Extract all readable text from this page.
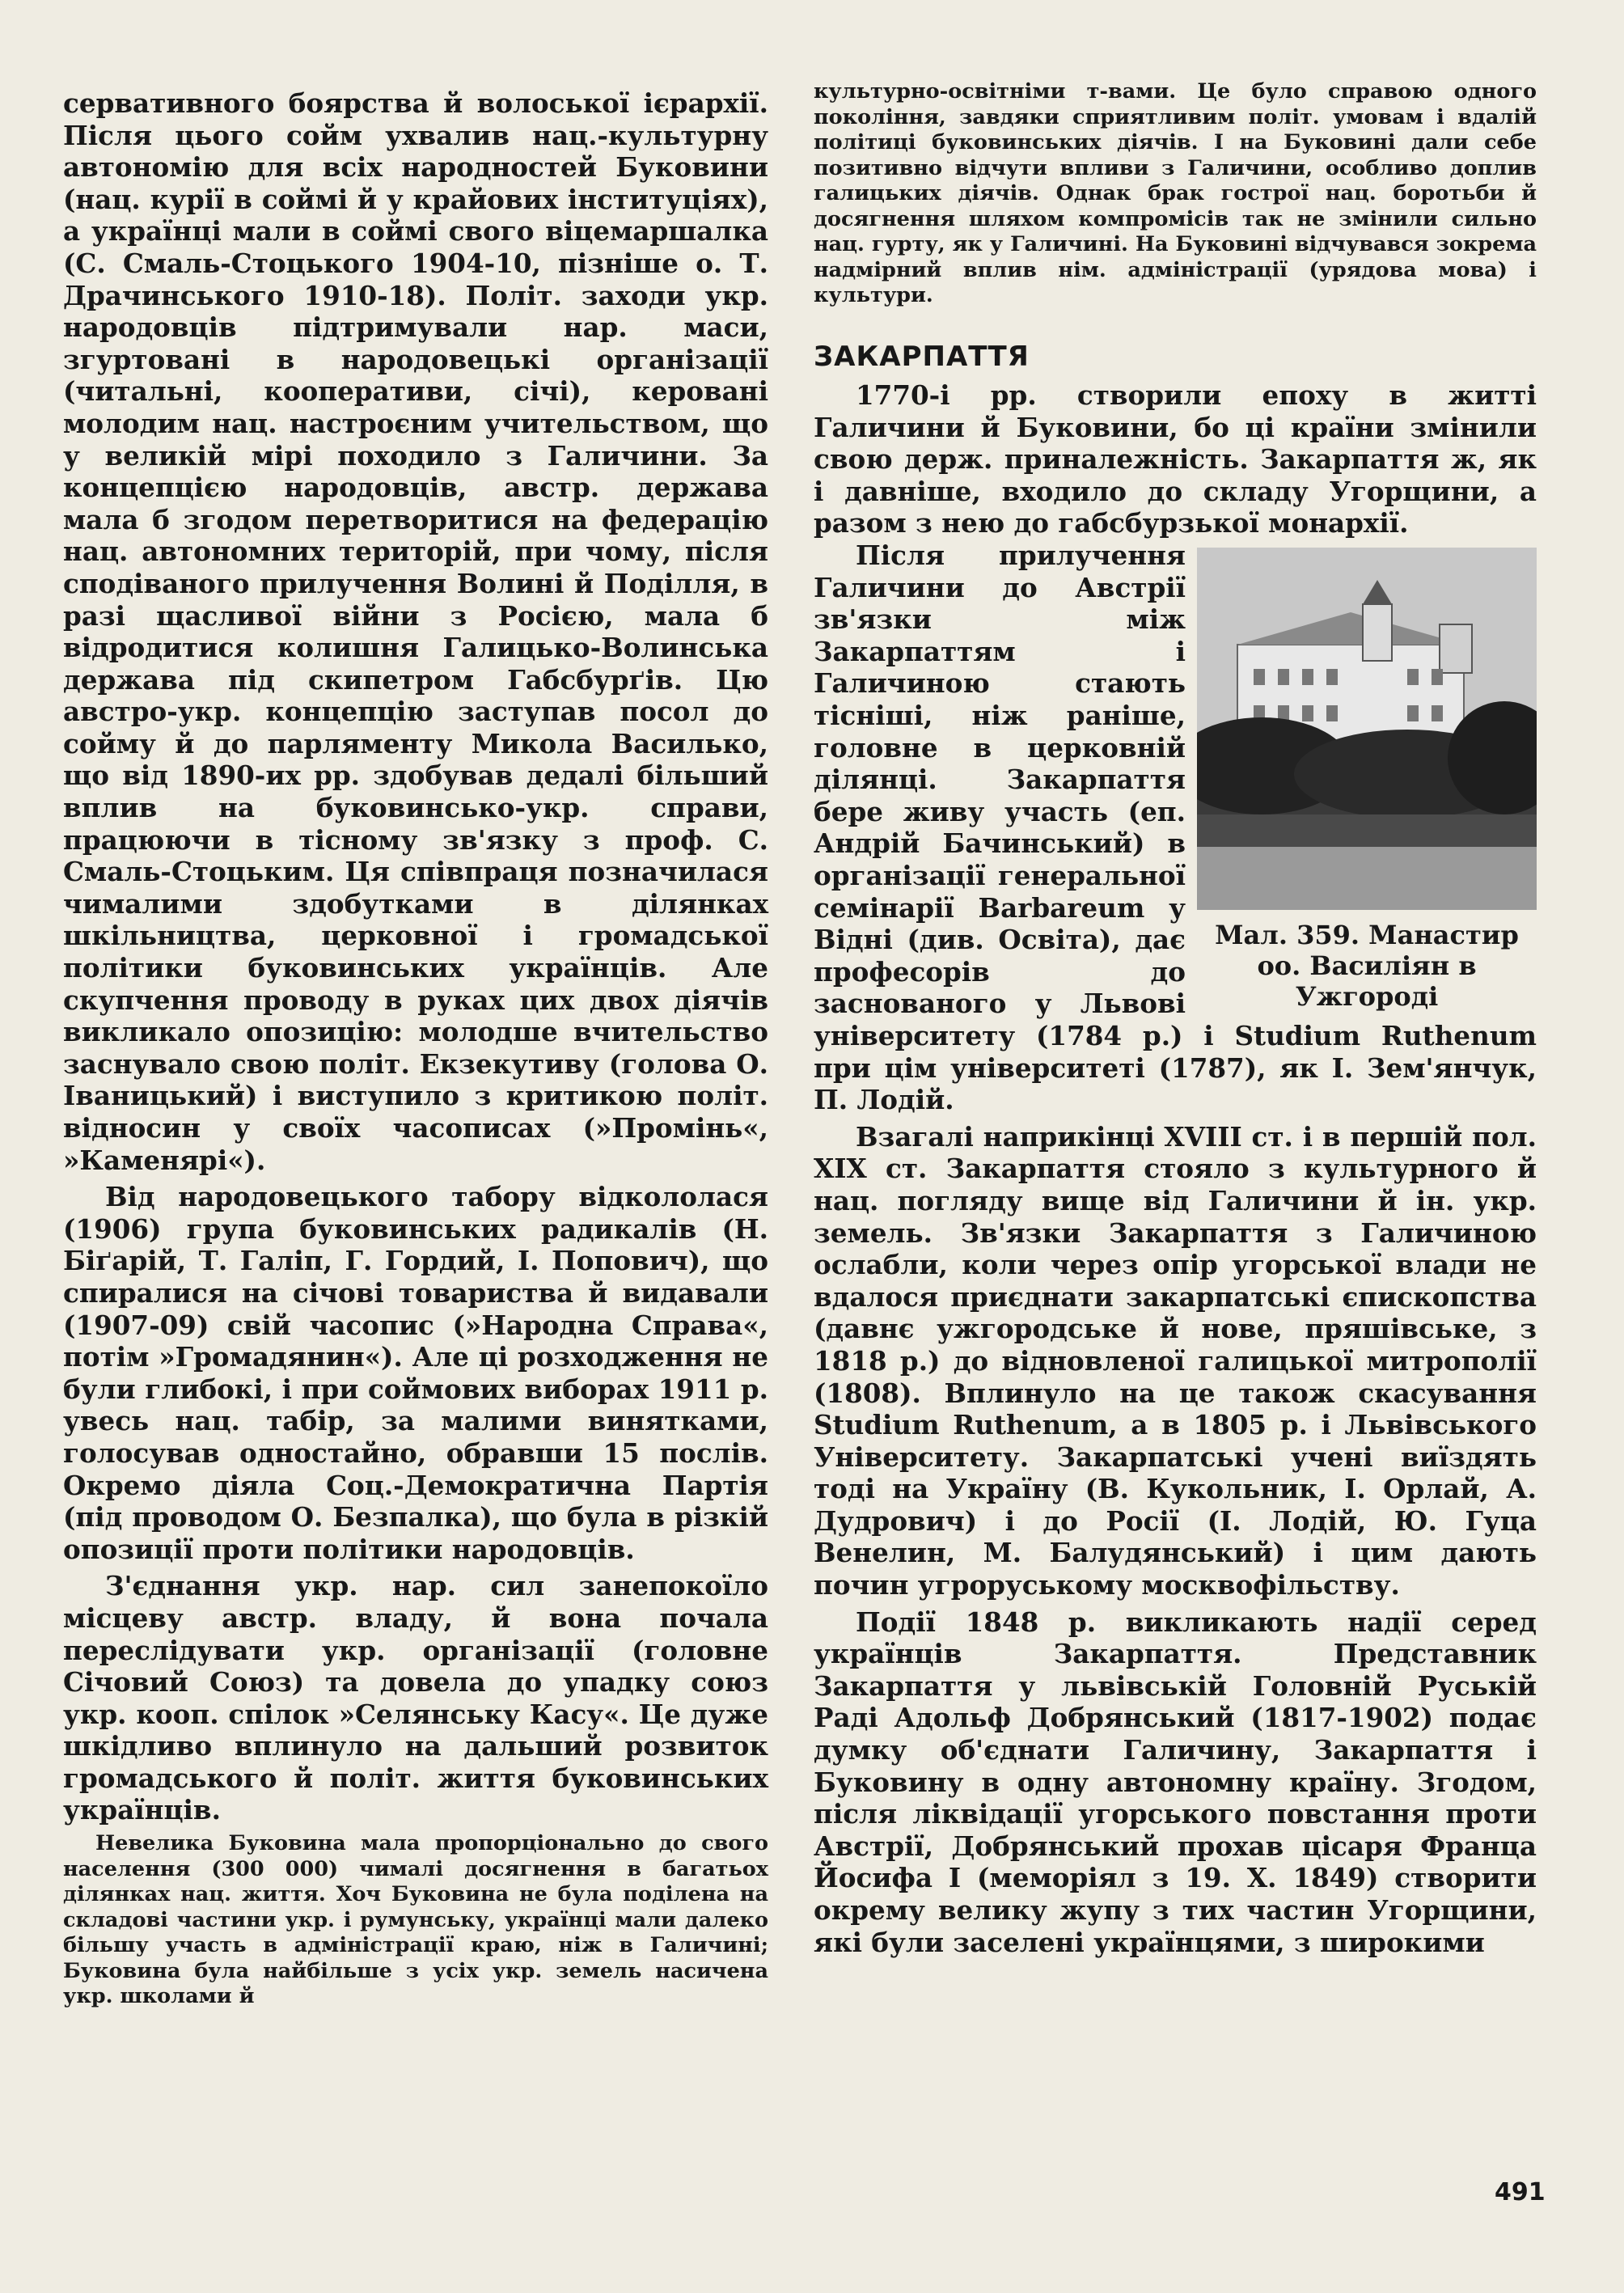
сервативного боярства й волоської ієрархії. Після цього сойм ухвалив нац.-культурну автономію для всіх народностей Буковини (нац. курії в соймі й у крайових інституціях), а українці мали в соймі свого віцемаршалка (С. Смаль-Стоцького 1904-10, пізніше о. Т. Драчинського 1910-18). Політ. заходи укр. народовців підтримували нар. маси, згуртовані в народовецькі організації (читальні, кооперативи, січі), керовані молодим нац. настроєним учительством, що у великій мірі походило з Галичини. За концепцією народовців, австр. держава мала б згодом перетворитися на федерацію нац. автономних територій, при чому, після сподіваного прилучення Волині й Поділля, в разі щасливої війни з Росією, мала б відродитися колишня Галицько-Волинська держава під скипетром Габсбурґів. Цю австро-укр. концепцію заступав посол до сойму й до парляменту Микола Василько, що від 1890-их рр. здобував дедалі більший вплив на буковинсько-укр. справи, працюючи в тісному зв'язку з проф. С. Смаль-Стоцьким. Ця співпраця позначилася чималими здобутками в ділянках шкільництва, церковної і громадської політики буковинських українців. Але скупчення проводу в руках цих двох діячів викликало опозицію: молодше вчительство заснувало свою політ. Екзекутиву (голова О. Іваницький) і виступило з критикою політ. відносин у своїх часописах (»Промінь«, »Каменярі«).

Від народовецького табору відкололася (1906) група буковинських радикалів (Н. Біґарій, Т. Галіп, Г. Гордий, І. Попович), що спиралися на січові товариства й видавали (1907-09) свій часопис (»Народна Справа«, потім »Громадянин«). Але ці розходження не були глибокі, і при соймових виборах 1911 р. увесь нац. табір, за малими винятками, голосував одностайно, обравши 15 послів. Окремо діяла Соц.-Демократична Партія (під проводом О. Безпалка), що була в різкій опозиції проти політики народовців.

З'єднання укр. нар. сил занепокоїло місцеву австр. владу, й вона почала переслідувати укр. організації (головне Січовий Союз) та довела до упадку союз укр. кооп. спілок »Селянську Касу«. Це дуже шкідливо вплинуло на дальший розвиток громадського й політ. життя буковинських українців.

Невелика Буковина мала пропорціонально до свого населення (300 000) чималі досягнення в багатьох ділянках нац. життя. Хоч Буковина не була поділена на складові частини укр. і румунську, українці мали далеко більшу участь в адміністрації краю, ніж в Галичині; Буковина була найбільше з усіх укр. земель насичена укр. школами й

культурно-освітніми т-вами. Це було справою одного покоління, завдяки сприятливим політ. умовам і вдалій політиці буковинських діячів. І на Буковині дали себе позитивно відчути впливи з Галичини, особливо доплив галицьких діячів. Однак брак гострої нац. боротьби й досягнення шляхом компромісів так не змінили сильно нац. гурту, як у Галичині. На Буковині відчувався зокрема надмірний вплив нім. адміністрації (урядова мова) і культури.

ЗАКАРПАТТЯ

1770-і рр. створили епоху в житті Галичини й Буковини, бо ці країни змінили свою держ. приналежність. Закарпаття ж, як і давніше, входило до складу Угорщини, а разом з нею до габсбурзької монархії.

Мал. 359. Манастир оо. Василіян в Ужгороді

Після прилучення Галичини до Австрії зв'язки між Закарпаттям і Галичиною стають тісніші, ніж раніше, головне в церковній ділянці. Закарпаття бере живу участь (еп. Андрій Бачинський) в організації генеральної семінарії Barbareum у Відні (див. Освіта), дає професорів до заснованого у Львові університету (1784 р.) і Studium Ruthenum при цім університеті (1787), як І. Зем'янчук, П. Лодій.

Взагалі наприкінці XVIII ст. і в першій пол. XIX ст. Закарпаття стояло з культурного й нац. погляду вище від Галичини й ін. укр. земель. Зв'язки Закарпаття з Галичиною ослабли, коли через опір угорської влади не вдалося приєднати закарпатські єпископства (давнє ужгородське й нове, пряшівське, з 1818 р.) до відновленої галицької митрополії (1808). Вплинуло на це також скасування Studium Ruthenum, а в 1805 р. і Львівського Університету. Закарпатські учені виїздять тоді на Україну (В. Кукольник, І. Орлай, А. Дудрович) і до Росії (І. Лодій, Ю. Гуца Венелин, М. Балудянський) і цим дають почин угроруському москвофільству.

Події 1848 р. викликають надії серед українців Закарпаття. Представник Закарпаття у львівській Головній Руській Раді Адольф Добрянський (1817-1902) подає думку об'єднати Галичину, Закарпаття і Буковину в одну автономну країну. Згодом, після ліквідації угорського повстання проти Австрії, Добрянський прохав цісаря Франца Йосифа I (меморіял з 19. X. 1849) створити окрему велику жупу з тих частин Угорщини, які були заселені українцями, з широкими

491
